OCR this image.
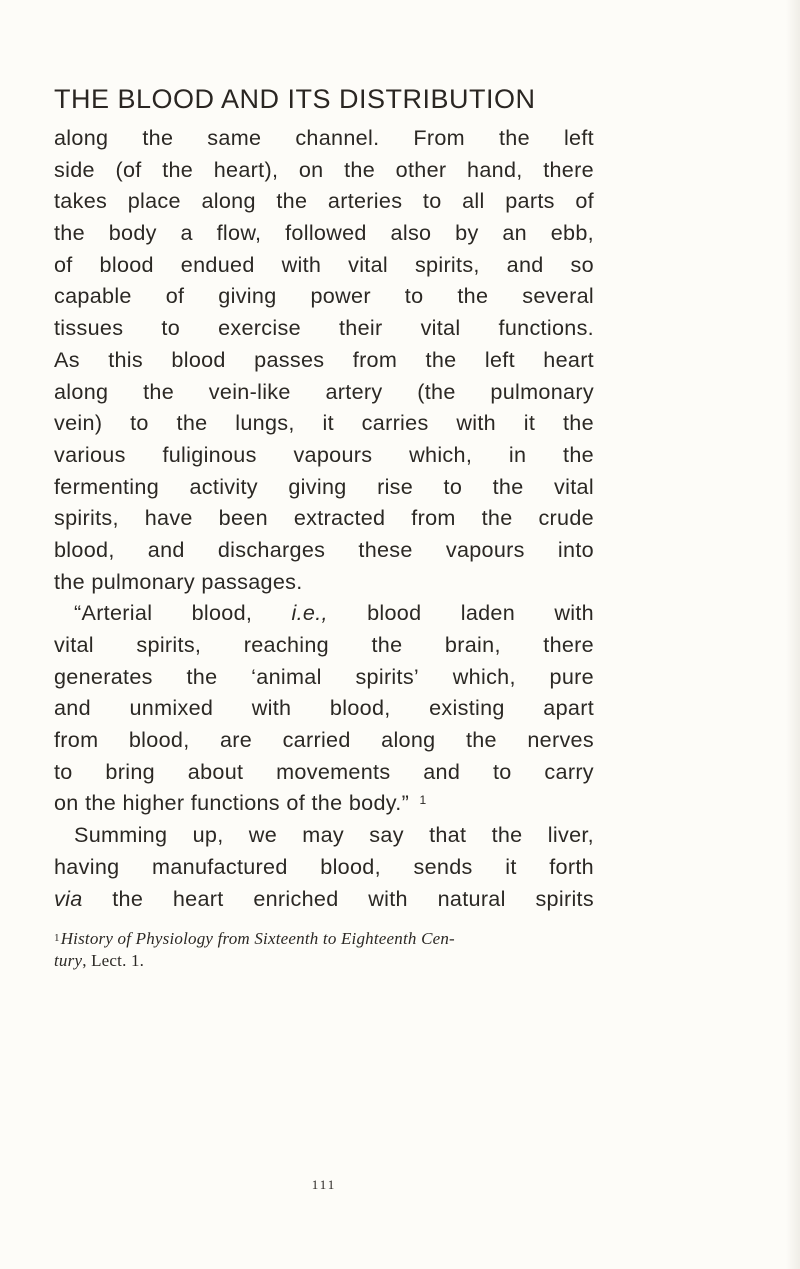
THE BLOOD AND ITS DISTRIBUTION
along the same channel. From the left
side (of the heart), on the other hand, there
takes place along the arteries to all parts of
the body a flow, followed also by an ebb,
of blood endued with vital spirits, and so
capable of giving power to the several
tissues to exercise their vital functions.
As this blood passes from the left heart
along the vein-like artery (the pulmonary
vein) to the lungs, it carries with it the
various fuliginous vapours which, in the
fermenting activity giving rise to the vital
spirits, have been extracted from the crude
blood, and discharges these vapours into
the pulmonary passages.
“Arterial blood, i.e., blood laden with
vital spirits, reaching the brain, there
generates the ‘animal spirits’ which, pure
and unmixed with blood, existing apart
from blood, are carried along the nerves
to bring about movements and to carry
on the higher functions of the body.” 1
Summing up, we may say that the liver,
having manufactured blood, sends it forth
via the heart enriched with natural spirits
$^1$History of Physiology from Sixteenth to Eighteenth Cen-
tury, Lect. 1.
111
